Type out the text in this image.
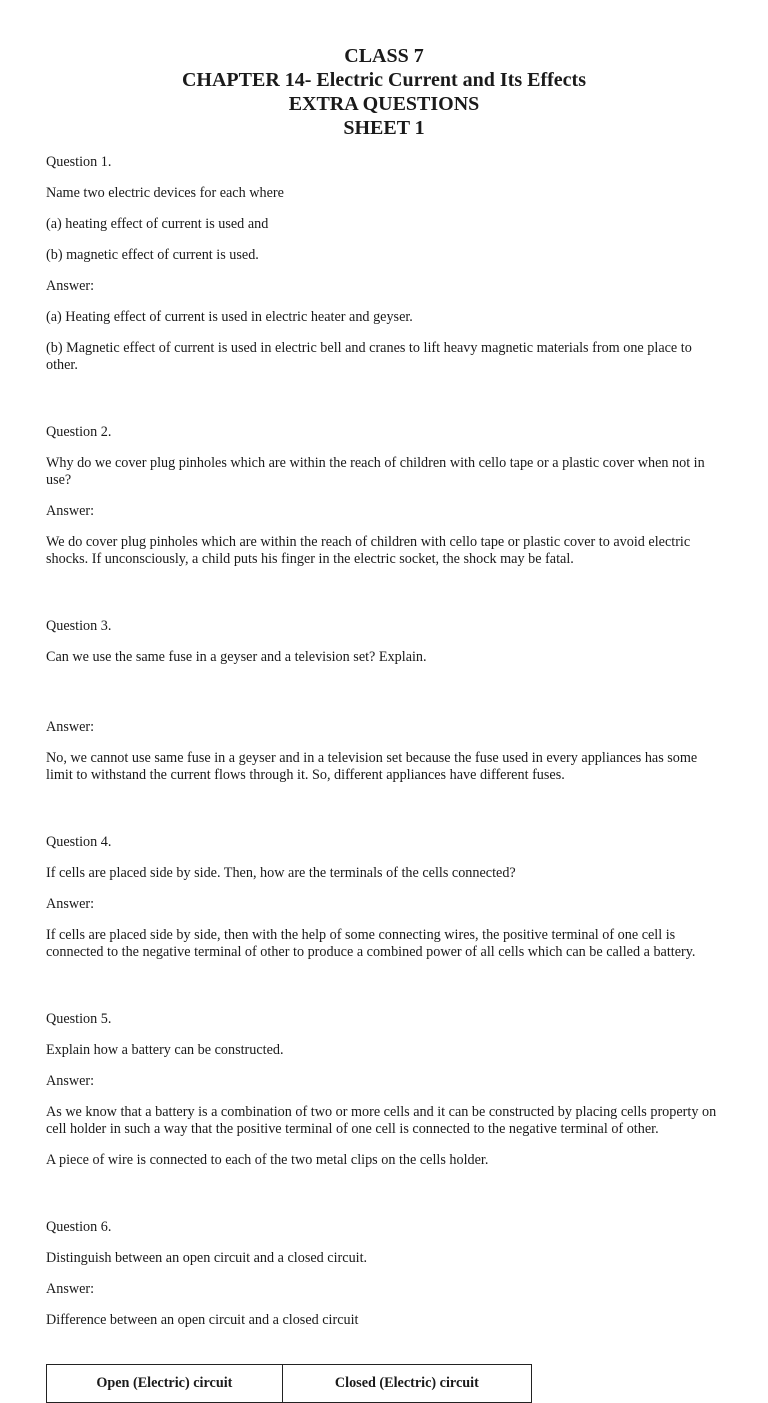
CLASS 7
CHAPTER 14- Electric Current and Its Effects
EXTRA QUESTIONS
SHEET 1

Question 1.

Name two electric devices for each where

(a) heating effect of current is used and

(b) magnetic effect of current is used.

Answer:

(a) Heating effect of current is used in electric heater and geyser.

(b) Magnetic effect of current is used in electric bell and cranes to lift heavy magnetic materials from one place to other.

Question 2.

Why do we cover plug pinholes which are within the reach of children with cello tape or a plastic cover when not in use?

Answer:

We do cover plug pinholes which are within the reach of children with cello tape or plastic cover to avoid electric shocks. If unconsciously, a child puts his finger in the electric socket, the shock may be fatal.

Question 3.

Can we use the same fuse in a geyser and a television set? Explain.

Answer:

No, we cannot use same fuse in a geyser and in a television set because the fuse used in every appliances has some limit to withstand the current flows through it. So, different appliances have different fuses.

Question 4.

If cells are placed side by side. Then, how are the terminals of the cells connected?

Answer:

If cells are placed side by side, then with the help of some connecting wires, the positive terminal of one cell is connected to the negative terminal of other to produce a combined power of all cells which can be called a battery.

Question 5.

Explain how a battery can be constructed.

Answer:

As we know that a battery is a combination of two or more cells and it can be constructed by placing cells property on cell holder in such a way that the positive terminal of one cell is connected to the negative terminal of other.

A piece of wire is connected to each of the two metal clips on the cells holder.

Question 6.

Distinguish between an open circuit and a closed circuit.

Answer:

Difference between an open circuit and a closed circuit

Open (Electric) circuit	Closed (Electric) circuit
